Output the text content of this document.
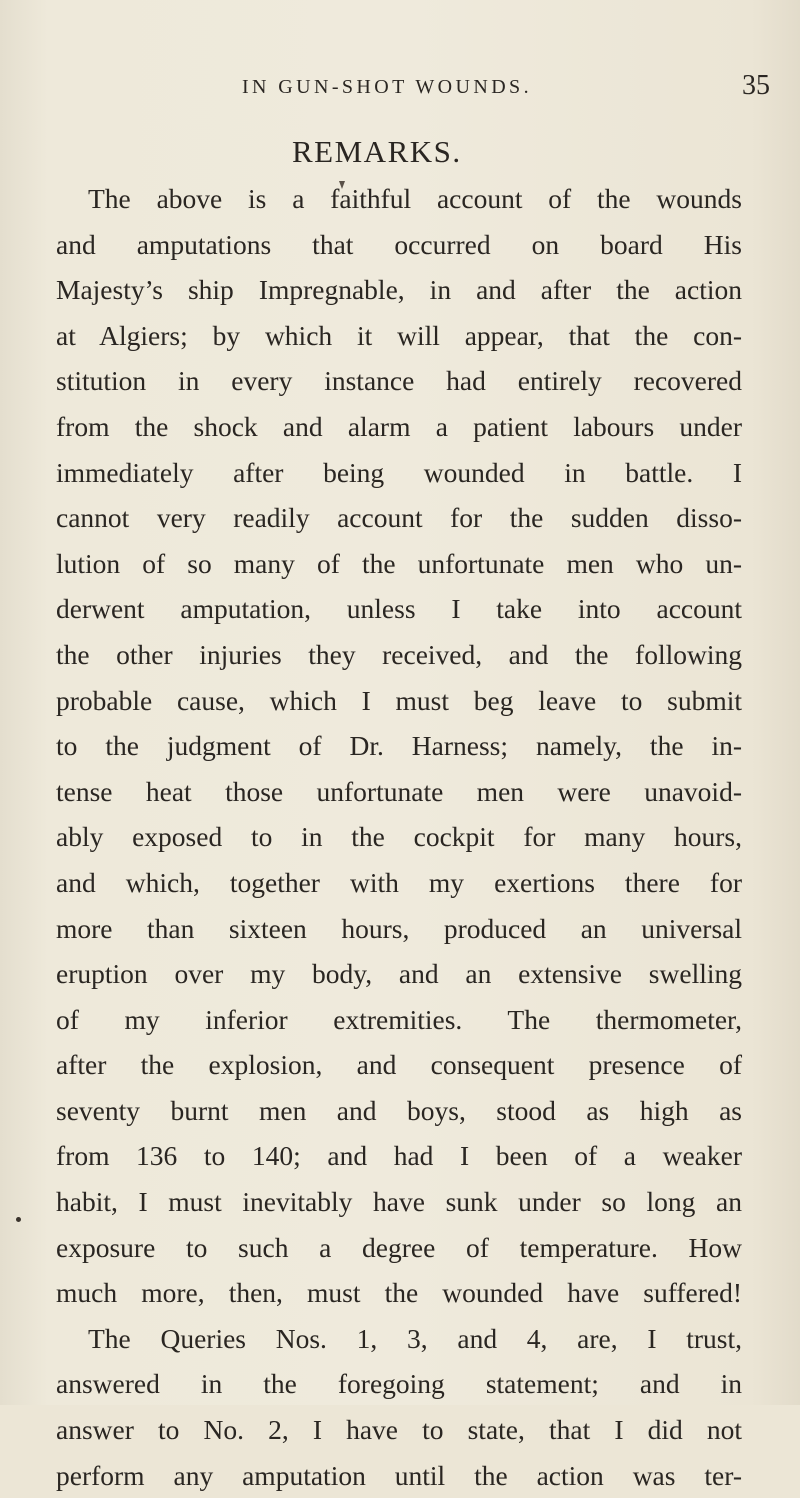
IN GUN-SHOT WOUNDS.	35
REMARKS.
The above is a faithful account of the wounds
and amputations that occurred on board His
Majesty’s ship Impregnable, in and after the action
at Algiers; by which it will appear, that the con-
stitution in every instance had entirely recovered
from the shock and alarm a patient labours under
immediately after being wounded in battle. I
cannot very readily account for the sudden disso-
lution of so many of the unfortunate men who un-
derwent amputation, unless I take into account
the other injuries they received, and the following
probable cause, which I must beg leave to submit
to the judgment of Dr. Harness; namely, the in-
tense heat those unfortunate men were unavoid-
ably exposed to in the cockpit for many hours,
and which, together with my exertions there for
more than sixteen hours, produced an universal
eruption over my body, and an extensive swelling
of my inferior extremities. The thermometer,
after the explosion, and consequent presence of
seventy burnt men and boys, stood as high as
from 136 to 140; and had I been of a weaker
habit, I must inevitably have sunk under so long an
exposure to such a degree of temperature. How
much more, then, must the wounded have suffered!
The Queries Nos. 1, 3, and 4, are, I trust,
answered in the foregoing statement; and in
answer to No. 2, I have to state, that I did not
perform any amputation until the action was ter-
